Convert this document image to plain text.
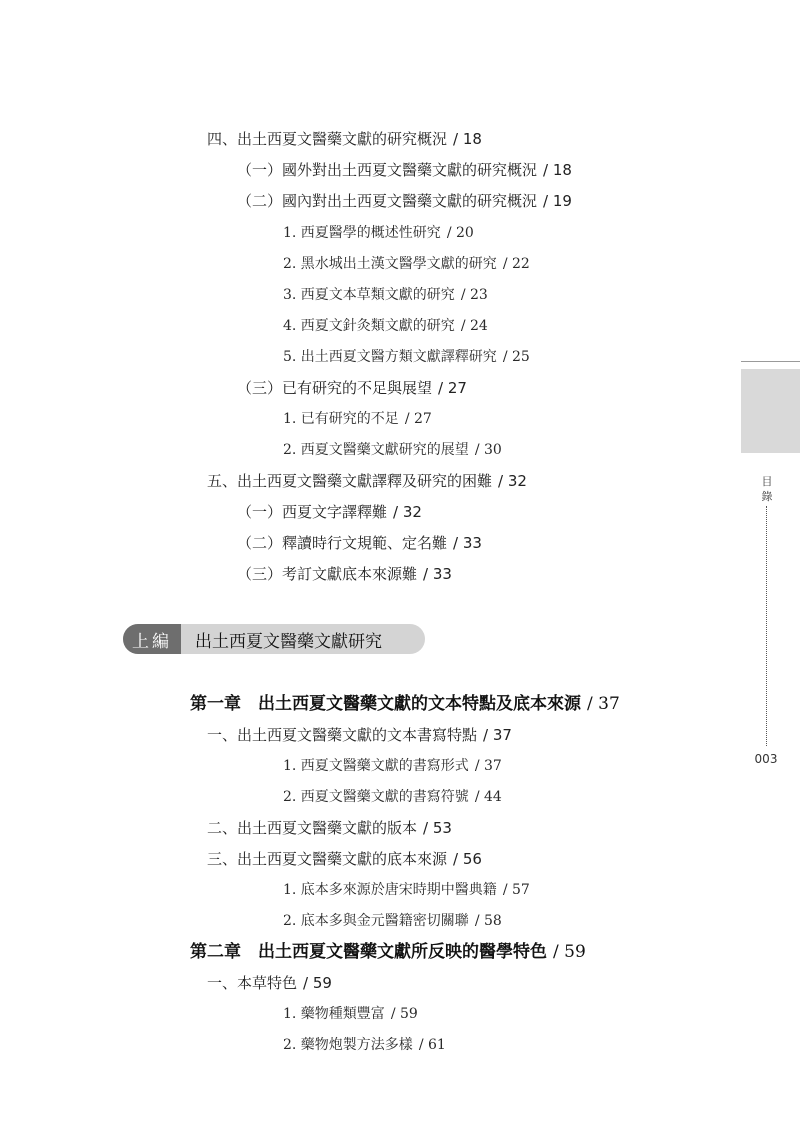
四、出土西夏文醫藥文獻的研究概況 / 18
（一）國外對出土西夏文醫藥文獻的研究概況 / 18
（二）國內對出土西夏文醫藥文獻的研究概況 / 19
1. 西夏醫學的概述性研究 / 20
2. 黑水城出土漢文醫學文獻的研究 / 22
3. 西夏文本草類文獻的研究 / 23
4. 西夏文針灸類文獻的研究 / 24
5. 出土西夏文醫方類文獻譯釋研究 / 25
（三）已有研究的不足與展望 / 27
1. 已有研究的不足 / 27
2. 西夏文醫藥文獻研究的展望 / 30
五、出土西夏文醫藥文獻譯釋及研究的困難 / 32
（一）西夏文字譯釋難 / 32
（二）釋讀時行文規範、定名難 / 33
（三）考訂文獻底本來源難 / 33
第一章　出土西夏文醫藥文獻的文本特點及底本來源 / 37
一、出土西夏文醫藥文獻的文本書寫特點 / 37
1. 西夏文醫藥文獻的書寫形式 / 37
2. 西夏文醫藥文獻的書寫符號 / 44
二、出土西夏文醫藥文獻的版本 / 53
三、出土西夏文醫藥文獻的底本來源 / 56
1. 底本多來源於唐宋時期中醫典籍 / 57
2. 底本多與金元醫籍密切關聯 / 58
第二章　出土西夏文醫藥文獻所反映的醫學特色 / 59
一、本草特色 / 59
1. 藥物種類豐富 / 59
2. 藥物炮製方法多樣 / 61
上編	出土西夏文醫藥文獻研究
目錄
003
